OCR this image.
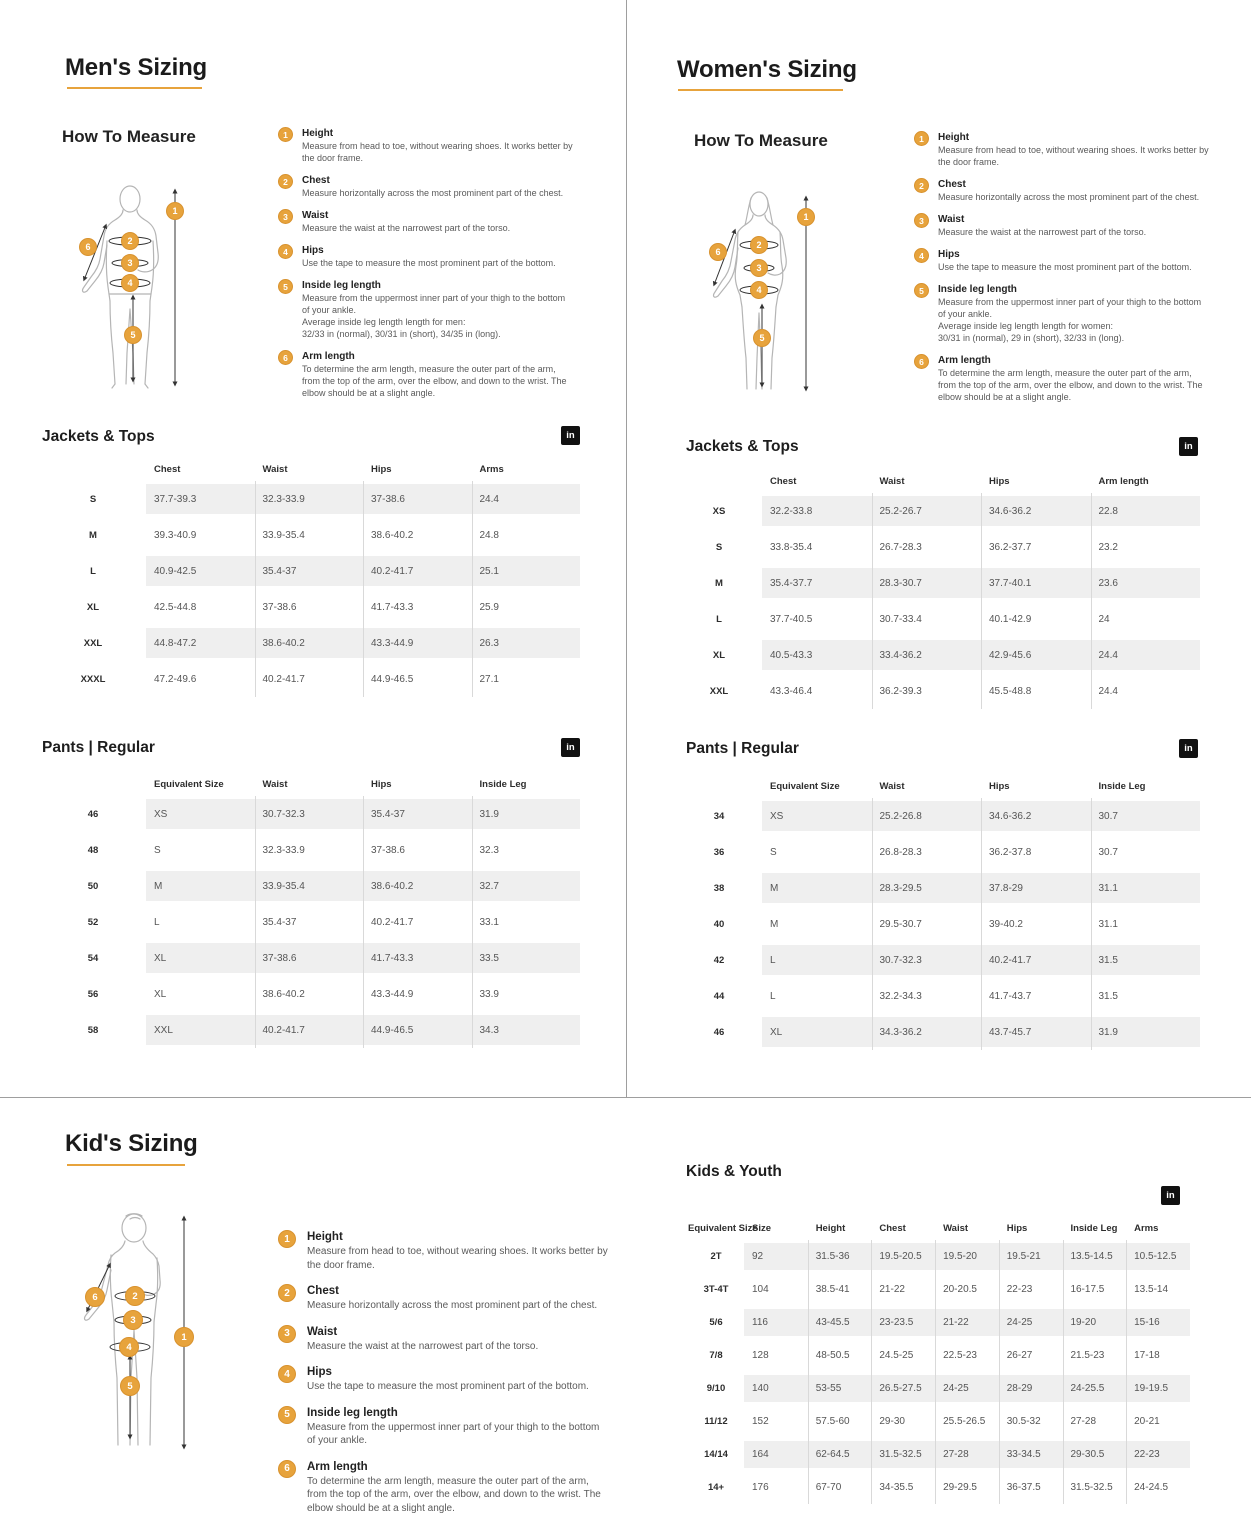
Men's Sizing
How To Measure
1
2
3
4
5
6
1	Height
Measure from head to toe, without wearing shoes. It works better by
the door frame.
2	Chest
Measure horizontally across the most prominent part of the chest.
3	Waist
Measure the waist at the narrowest part of the torso.
4	Hips
Use the tape to measure the most prominent part of the bottom.
5	Inside leg length
Measure from the uppermost inner part of your thigh to the bottom
of your ankle.
Average inside leg length length for men:
32/33 in (normal), 30/31 in (short), 34/35 in (long).
6	Arm length
To determine the arm length, measure the outer part of the arm,
from the top of the arm, over the elbow, and down to the wrist. The
elbow should be at a slight angle.
Jackets & Tops	in
Chest	Waist	Hips	Arms
S	37.7-39.3	32.3-33.9	37-38.6	24.4
M	39.3-40.9	33.9-35.4	38.6-40.2	24.8
L	40.9-42.5	35.4-37	40.2-41.7	25.1
XL	42.5-44.8	37-38.6	41.7-43.3	25.9
XXL	44.8-47.2	38.6-40.2	43.3-44.9	26.3
XXXL	47.2-49.6	40.2-41.7	44.9-46.5	27.1
Pants | Regular	in
Equivalent Size	Waist	Hips	Inside Leg
46	XS	30.7-32.3	35.4-37	31.9
48	S	32.3-33.9	37-38.6	32.3
50	M	33.9-35.4	38.6-40.2	32.7
52	L	35.4-37	40.2-41.7	33.1
54	XL	37-38.6	41.7-43.3	33.5
56	XL	38.6-40.2	43.3-44.9	33.9
58	XXL	40.2-41.7	44.9-46.5	34.3
Women's Sizing
How To Measure
1
2
3
4
5
6
1	Height
Measure from head to toe, without wearing shoes. It works better by
the door frame.
2	Chest
Measure horizontally across the most prominent part of the chest.
3	Waist
Measure the waist at the narrowest part of the torso.
4	Hips
Use the tape to measure the most prominent part of the bottom.
5	Inside leg length
Measure from the uppermost inner part of your thigh to the bottom
of your ankle.
Average inside leg length length for women:
30/31 in (normal), 29 in (short), 32/33 in (long).
6	Arm length
To determine the arm length, measure the outer part of the arm,
from the top of the arm, over the elbow, and down to the wrist. The
elbow should be at a slight angle.
Jackets & Tops	in
Chest	Waist	Hips	Arm length
XS	32.2-33.8	25.2-26.7	34.6-36.2	22.8
S	33.8-35.4	26.7-28.3	36.2-37.7	23.2
M	35.4-37.7	28.3-30.7	37.7-40.1	23.6
L	37.7-40.5	30.7-33.4	40.1-42.9	24
XL	40.5-43.3	33.4-36.2	42.9-45.6	24.4
XXL	43.3-46.4	36.2-39.3	45.5-48.8	24.4
Pants | Regular	in
Equivalent Size	Waist	Hips	Inside Leg
34	XS	25.2-26.8	34.6-36.2	30.7
36	S	26.8-28.3	36.2-37.8	30.7
38	M	28.3-29.5	37.8-29	31.1
40	M	29.5-30.7	39-40.2	31.1
42	L	30.7-32.3	40.2-41.7	31.5
44	L	32.2-34.3	41.7-43.7	31.5
46	XL	34.3-36.2	43.7-45.7	31.9
Kid's Sizing
1
2
3
4
5
6
1	Height
Measure from head to toe, without wearing shoes. It works better by
the door frame.
2	Chest
Measure horizontally across the most prominent part of the chest.
3	Waist
Measure the waist at the narrowest part of the torso.
4	Hips
Use the tape to measure the most prominent part of the bottom.
5	Inside leg length
Measure from the uppermost inner part of your thigh to the bottom
of your ankle.
6	Arm length
To determine the arm length, measure the outer part of the arm,
from the top of the arm, over the elbow, and down to the wrist. The
elbow should be at a slight angle.
Kids & Youth
in
Equivalent Size
Size	Height	Chest	Waist	Hips	Inside Leg	Arms
2T	92	31.5-36	19.5-20.5	19.5-20	19.5-21	13.5-14.5	10.5-12.5
3T-4T	104	38.5-41	21-22	20-20.5	22-23	16-17.5	13.5-14
5/6	116	43-45.5	23-23.5	21-22	24-25	19-20	15-16
7/8	128	48-50.5	24.5-25	22.5-23	26-27	21.5-23	17-18
9/10	140	53-55	26.5-27.5	24-25	28-29	24-25.5	19-19.5
11/12	152	57.5-60	29-30	25.5-26.5	30.5-32	27-28	20-21
14/14	164	62-64.5	31.5-32.5	27-28	33-34.5	29-30.5	22-23
14+	176	67-70	34-35.5	29-29.5	36-37.5	31.5-32.5	24-24.5
